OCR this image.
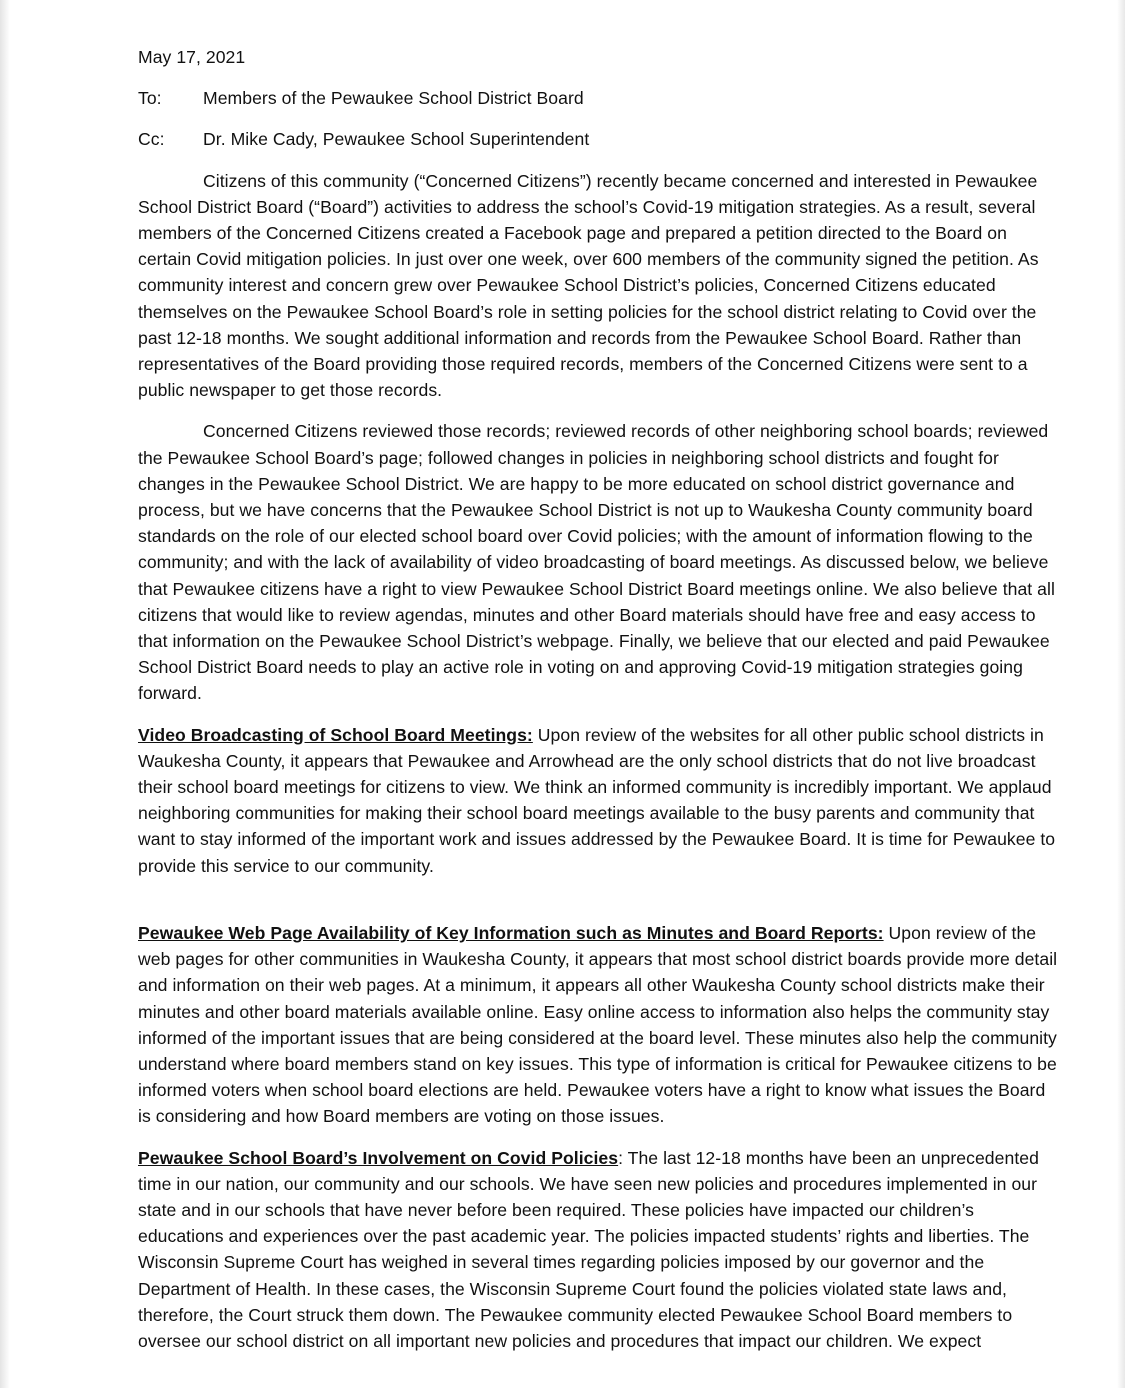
May 17, 2021
To:	Members of the Pewaukee School District Board
Cc:	Dr. Mike Cady, Pewaukee School Superintendent

Citizens of this community (“Concerned Citizens”) recently became concerned and interested in Pewaukee School District Board (“Board”) activities to address the school’s Covid-19 mitigation strategies. As a result, several members of the Concerned Citizens created a Facebook page and prepared a petition directed to the Board on certain Covid mitigation policies. In just over one week, over 600 members of the community signed the petition. As community interest and concern grew over Pewaukee School District’s policies, Concerned Citizens educated themselves on the Pewaukee School Board’s role in setting policies for the school district relating to Covid over the past 12-18 months. We sought additional information and records from the Pewaukee School Board. Rather than representatives of the Board providing those required records, members of the Concerned Citizens were sent to a public newspaper to get those records.

Concerned Citizens reviewed those records; reviewed records of other neighboring school boards; reviewed the Pewaukee School Board’s page; followed changes in policies in neighboring school districts and fought for changes in the Pewaukee School District. We are happy to be more educated on school district governance and process, but we have concerns that the Pewaukee School District is not up to Waukesha County community board standards on the role of our elected school board over Covid policies; with the amount of information flowing to the community; and with the lack of availability of video broadcasting of board meetings. As discussed below, we believe that Pewaukee citizens have a right to view Pewaukee School District Board meetings online. We also believe that all citizens that would like to review agendas, minutes and other Board materials should have free and easy access to that information on the Pewaukee School District’s webpage. Finally, we believe that our elected and paid Pewaukee School District Board needs to play an active role in voting on and approving Covid-19 mitigation strategies going forward.

Video Broadcasting of School Board Meetings: Upon review of the websites for all other public school districts in Waukesha County, it appears that Pewaukee and Arrowhead are the only school districts that do not live broadcast their school board meetings for citizens to view. We think an informed community is incredibly important. We applaud neighboring communities for making their school board meetings available to the busy parents and community that want to stay informed of the important work and issues addressed by the Pewaukee Board. It is time for Pewaukee to provide this service to our community.

Pewaukee Web Page Availability of Key Information such as Minutes and Board Reports: Upon review of the web pages for other communities in Waukesha County, it appears that most school district boards provide more detail and information on their web pages. At a minimum, it appears all other Waukesha County school districts make their minutes and other board materials available online. Easy online access to information also helps the community stay informed of the important issues that are being considered at the board level. These minutes also help the community understand where board members stand on key issues. This type of information is critical for Pewaukee citizens to be informed voters when school board elections are held. Pewaukee voters have a right to know what issues the Board is considering and how Board members are voting on those issues.

Pewaukee School Board’s Involvement on Covid Policies: The last 12-18 months have been an unprecedented time in our nation, our community and our schools. We have seen new policies and procedures implemented in our state and in our schools that have never before been required. These policies have impacted our children’s educations and experiences over the past academic year. The policies impacted students’ rights and liberties. The Wisconsin Supreme Court has weighed in several times regarding policies imposed by our governor and the Department of Health. In these cases, the Wisconsin Supreme Court found the policies violated state laws and, therefore, the Court struck them down. The Pewaukee community elected Pewaukee School Board members to oversee our school district on all important new policies and procedures that impact our children. We expect
